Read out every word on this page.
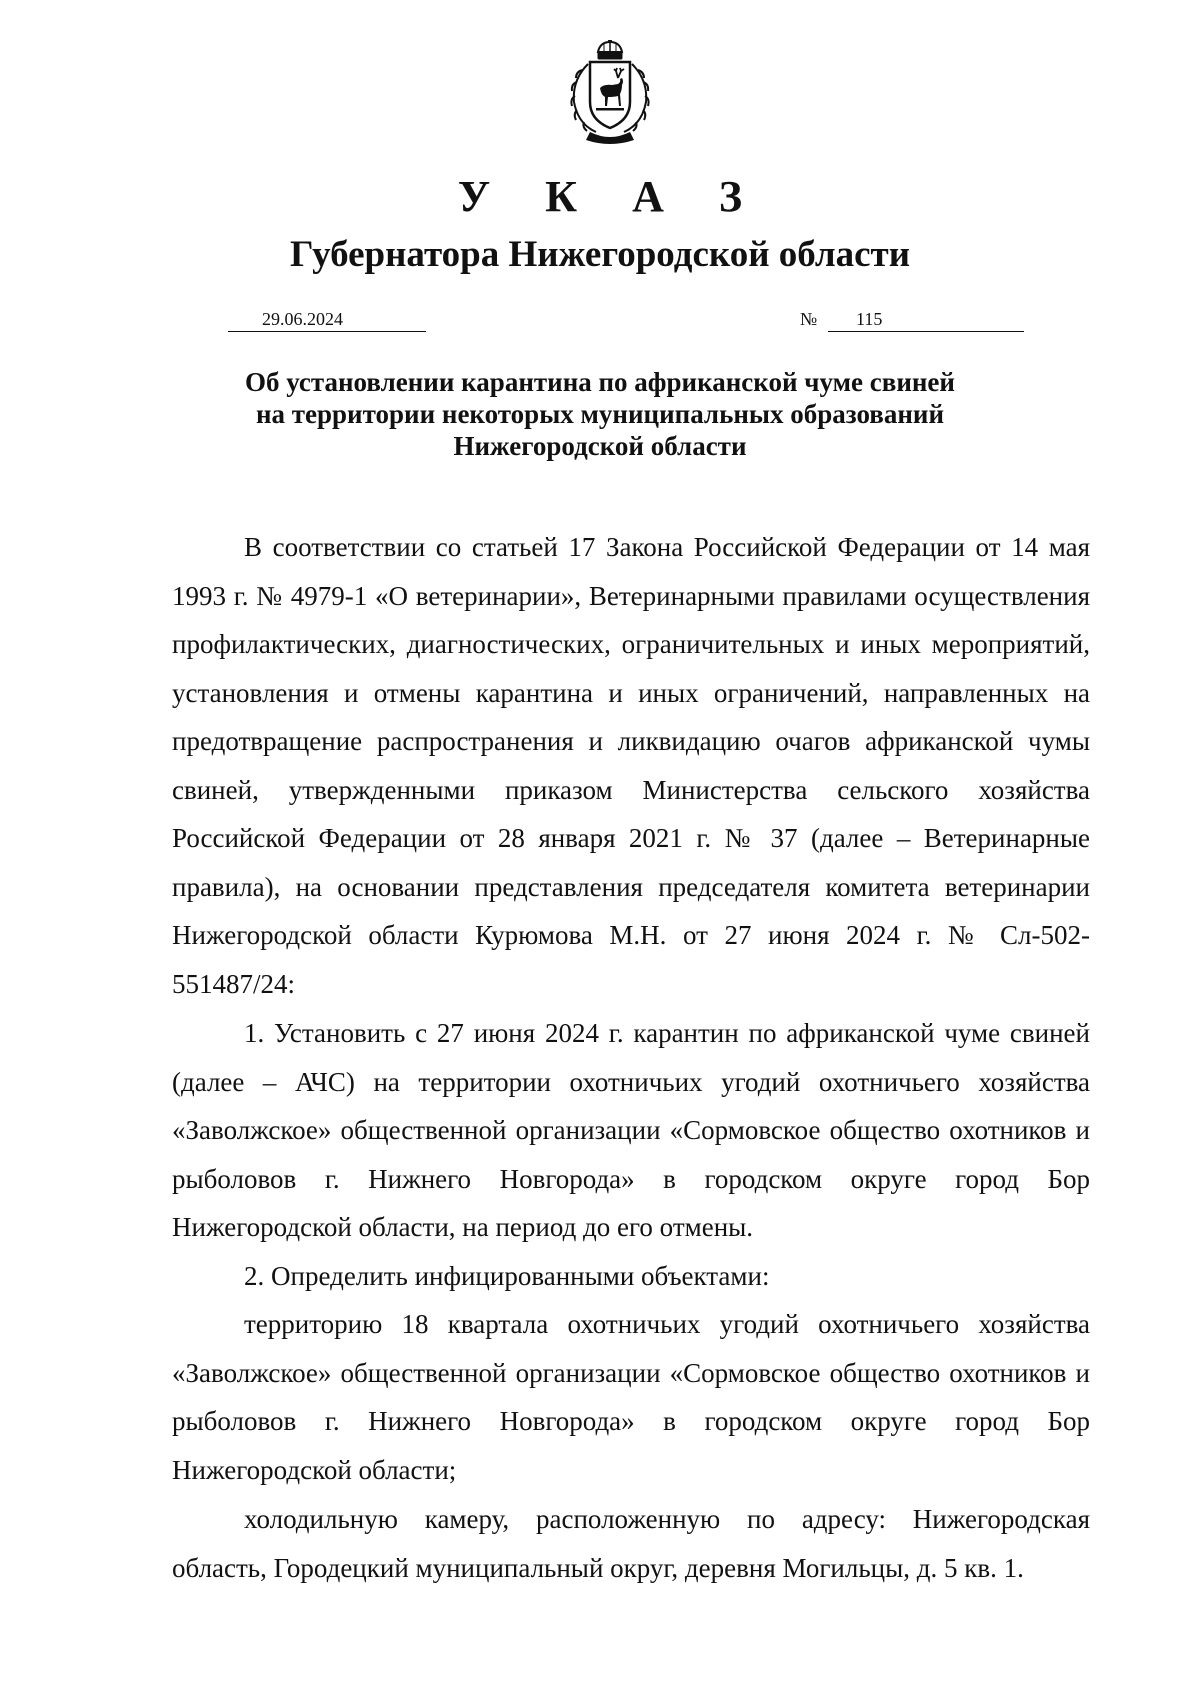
У К А З
Губернатора Нижегородской области
29.06.2024	№	115
Об установлении карантина по африканской чуме свиней
на территории некоторых муниципальных образований
Нижегородской области

В соответствии со статьей 17 Закона Российской Федерации от 14 мая 1993 г. № 4979-1 «О ветеринарии», Ветеринарными правилами осуществления профилактических, диагностических, ограничительных и иных мероприятий, установления и отмены карантина и иных ограничений, направленных на предотвращение распространения и ликвидацию очагов африканской чумы свиней, утвержденными приказом Министерства сельского хозяйства Российской Федерации от 28 января 2021 г. № 37 (далее – Ветеринарные правила), на основании представления председателя комитета ветеринарии Нижегородской области Курюмова М.Н. от 27 июня 2024 г. № Сл-502-551487/24:

1. Установить с 27 июня 2024 г. карантин по африканской чуме свиней (далее – АЧС) на территории охотничьих угодий охотничьего хозяйства «Заволжское» общественной организации «Сормовское общество охотников и рыболовов г. Нижнего Новгорода» в городском округе город Бор Нижегородской области, на период до его отмены.

2. Определить инфицированными объектами:

территорию 18 квартала охотничьих угодий охотничьего хозяйства «Заволжское» общественной организации «Сормовское общество охотников и рыболовов г. Нижнего Новгорода» в городском округе город Бор Нижегородской области;

холодильную камеру, расположенную по адресу: Нижегородская область, Городецкий муниципальный округ, деревня Могильцы, д. 5 кв. 1.
